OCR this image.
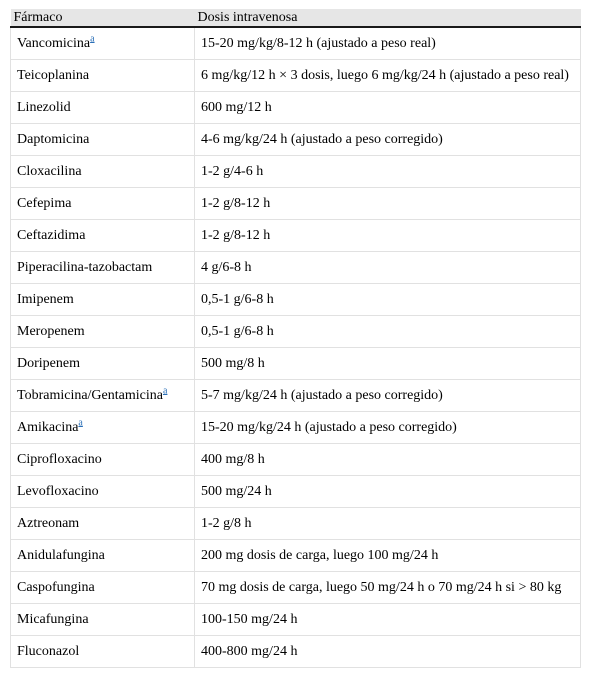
Fármaco	Dosis intravenosa
Vancomicina$^a$	15-20 mg/kg/8-12 h (ajustado a peso real)
Teicoplanina	6 mg/kg/12 h × 3 dosis, luego 6 mg/kg/24 h (ajustado a peso real)
Linezolid	600 mg/12 h
Daptomicina	4-6 mg/kg/24 h (ajustado a peso corregido)
Cloxacilina	1-2 g/4-6 h
Cefepima	1-2 g/8-12 h
Ceftazidima	1-2 g/8-12 h
Piperacilina-tazobactam	4 g/6-8 h
Imipenem	0,5-1 g/6-8 h
Meropenem	0,5-1 g/6-8 h
Doripenem	500 mg/8 h
Tobramicina/Gentamicina$^a$	5-7 mg/kg/24 h (ajustado a peso corregido)
Amikacina$^a$	15-20 mg/kg/24 h (ajustado a peso corregido)
Ciprofloxacino	400 mg/8 h
Levofloxacino	500 mg/24 h
Aztreonam	1-2 g/8 h
Anidulafungina	200 mg dosis de carga, luego 100 mg/24 h
Caspofungina	70 mg dosis de carga, luego 50 mg/24 h o 70 mg/24 h si > 80 kg
Micafungina	100-150 mg/24 h
Fluconazol	400-800 mg/24 h
